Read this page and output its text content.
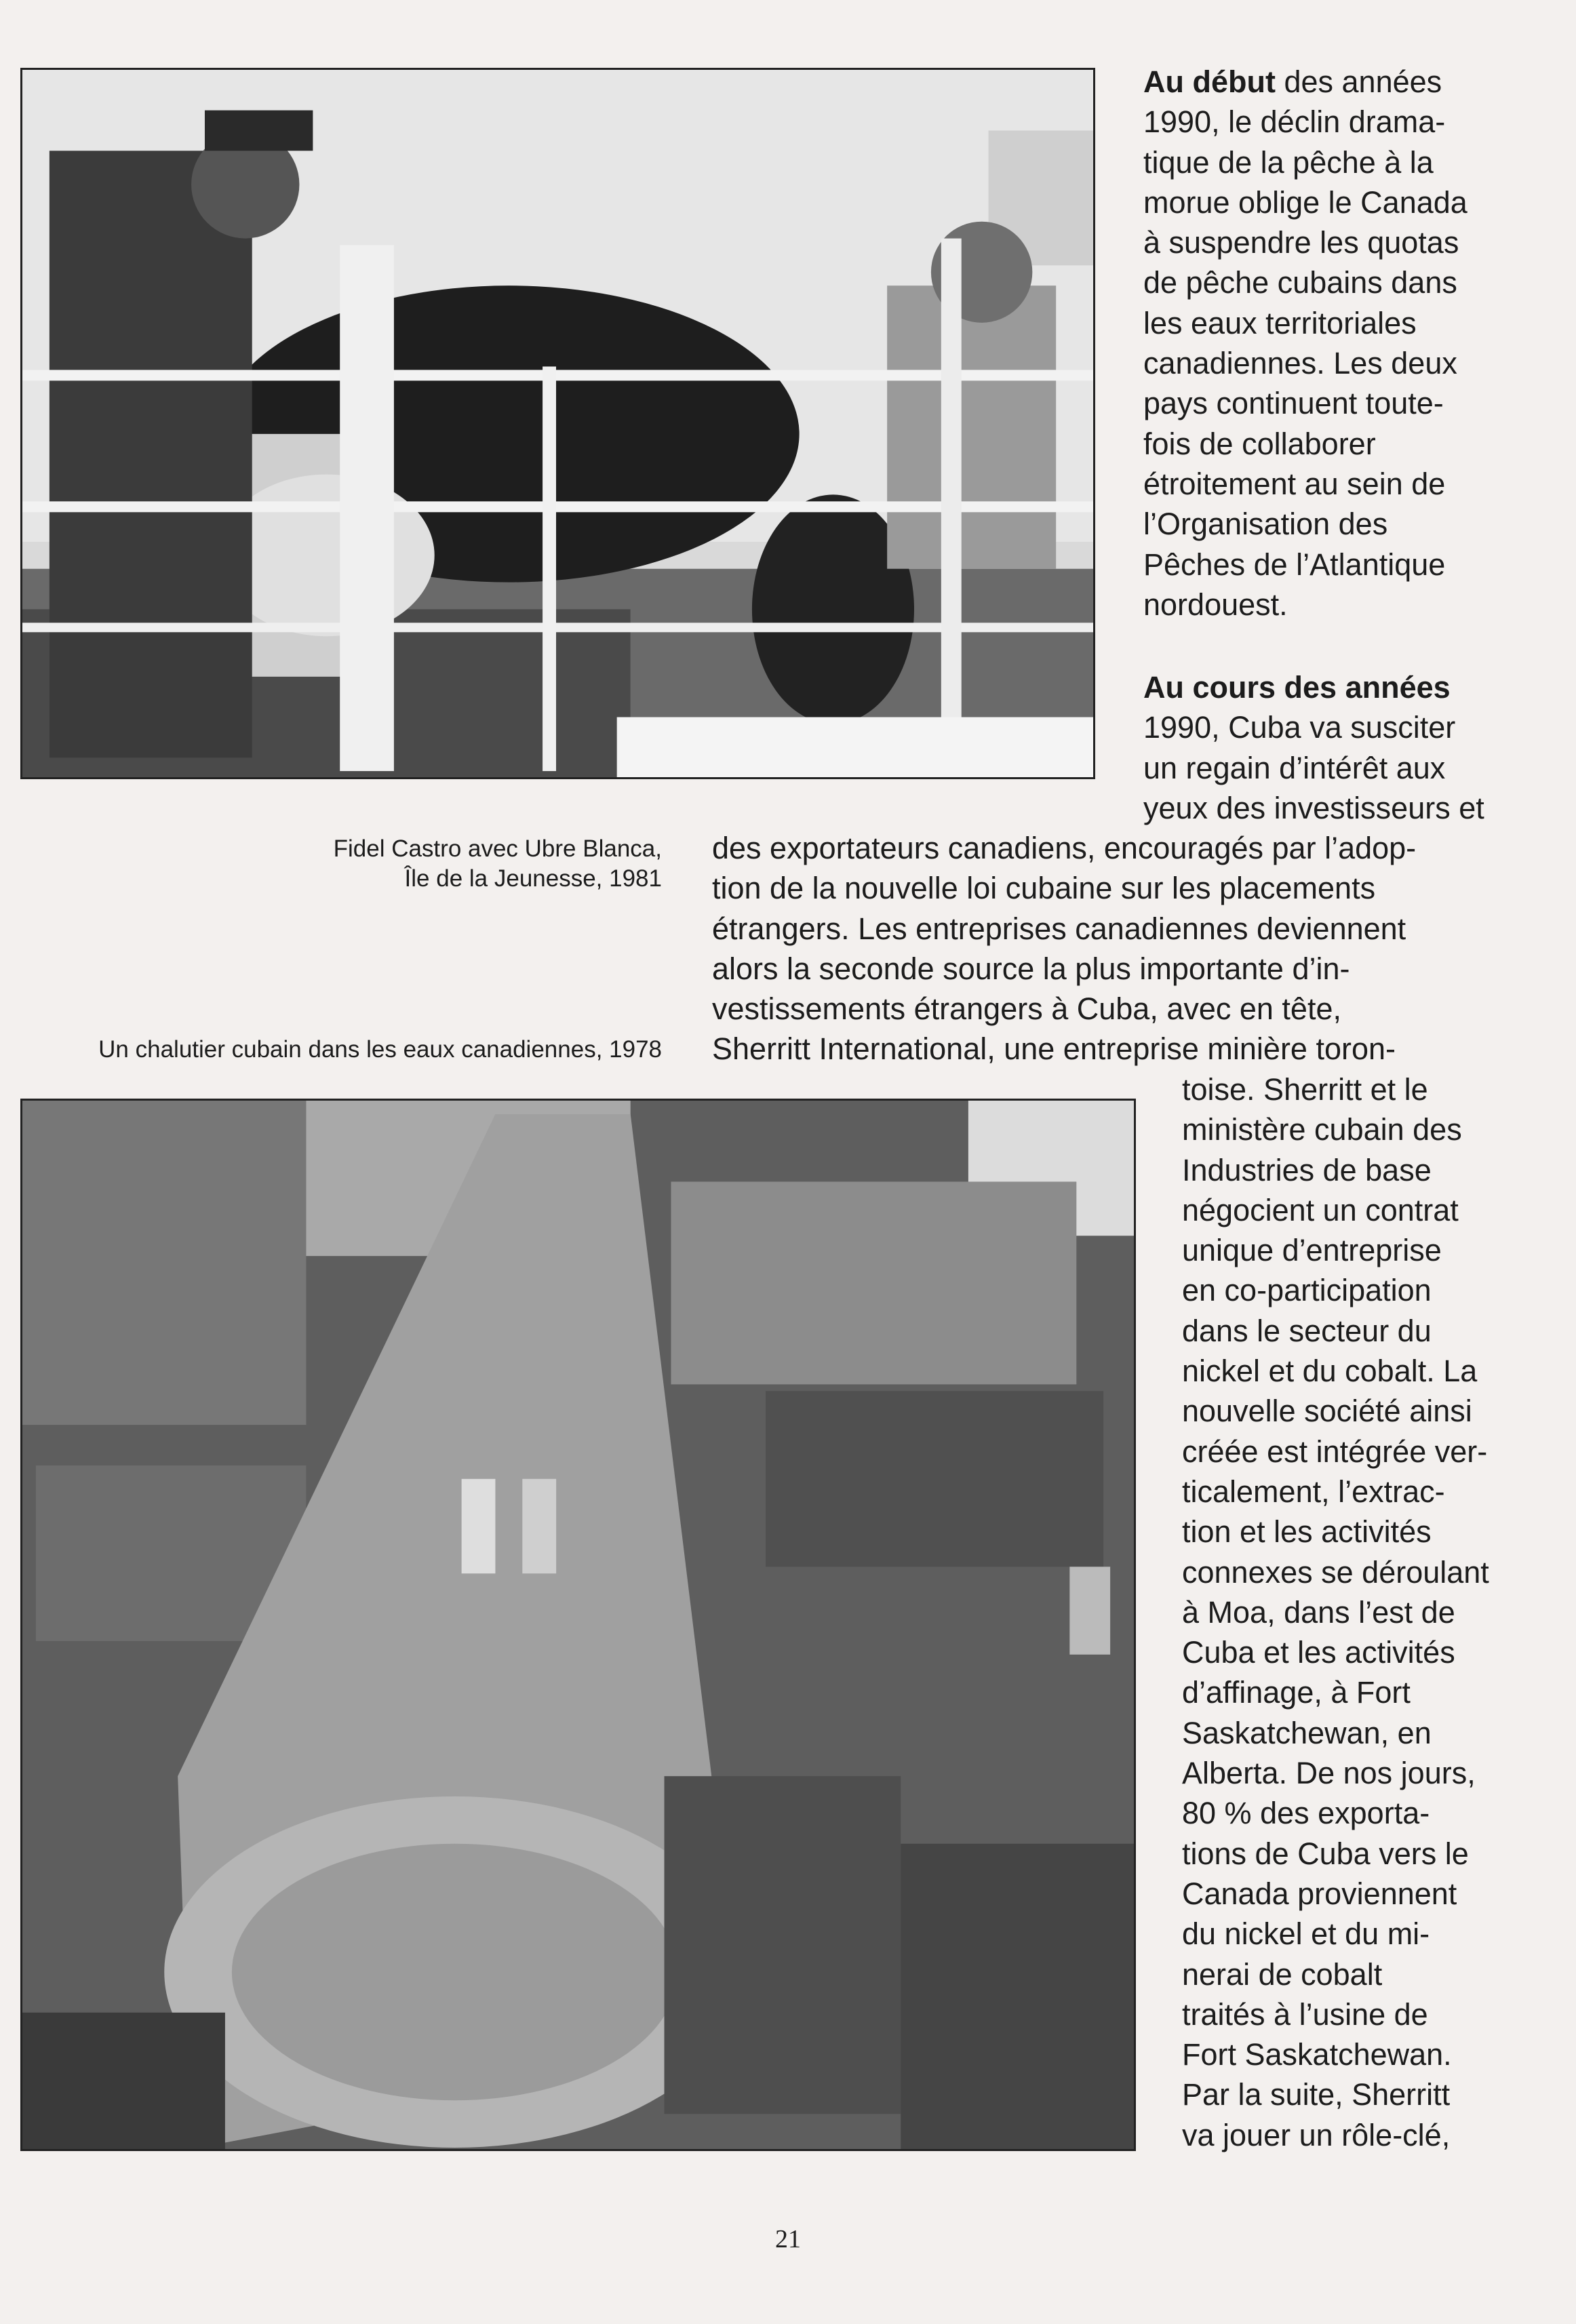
Au début des années
1990, le déclin drama-
tique de la pêche à la
morue oblige le Canada
à suspendre les quotas
de pêche cubains dans
les eaux territoriales
canadiennes. Les deux
pays continuent toute-
fois de collaborer
étroitement au sein de
l’Organisation des
Pêches de l’Atlantique
nordouest.
Au cours des années
1990, Cuba va susciter
un regain d’intérêt aux
yeux des investisseurs et
des exportateurs canadiens, encouragés par l’adop-
tion de la nouvelle loi cubaine sur les placements
étrangers. Les entreprises canadiennes deviennent
alors la seconde source la plus importante d’in-
vestissements étrangers à Cuba, avec en tête,
Sherritt International, une entreprise minière toron-
toise. Sherritt et le
ministère cubain des
Industries de base
négocient un contrat
unique d’entreprise
en co-participation
dans le secteur du
nickel et du cobalt. La
nouvelle société ainsi
créée est intégrée ver-
ticalement, l’extrac-
tion et les activités
connexes se déroulant
à Moa, dans l’est de
Cuba et les activités
d’affinage, à Fort
Saskatchewan, en
Alberta. De nos jours,
80 % des exporta-
tions de Cuba vers le
Canada proviennent
du nickel et du mi-
nerai de cobalt
traités à l’usine de
Fort Saskatchewan.
Par la suite, Sherritt
va jouer un rôle-clé,
Fidel Castro avec Ubre Blanca,
Île de la Jeunesse, 1981
Un chalutier cubain dans les eaux canadiennes, 1978
21
